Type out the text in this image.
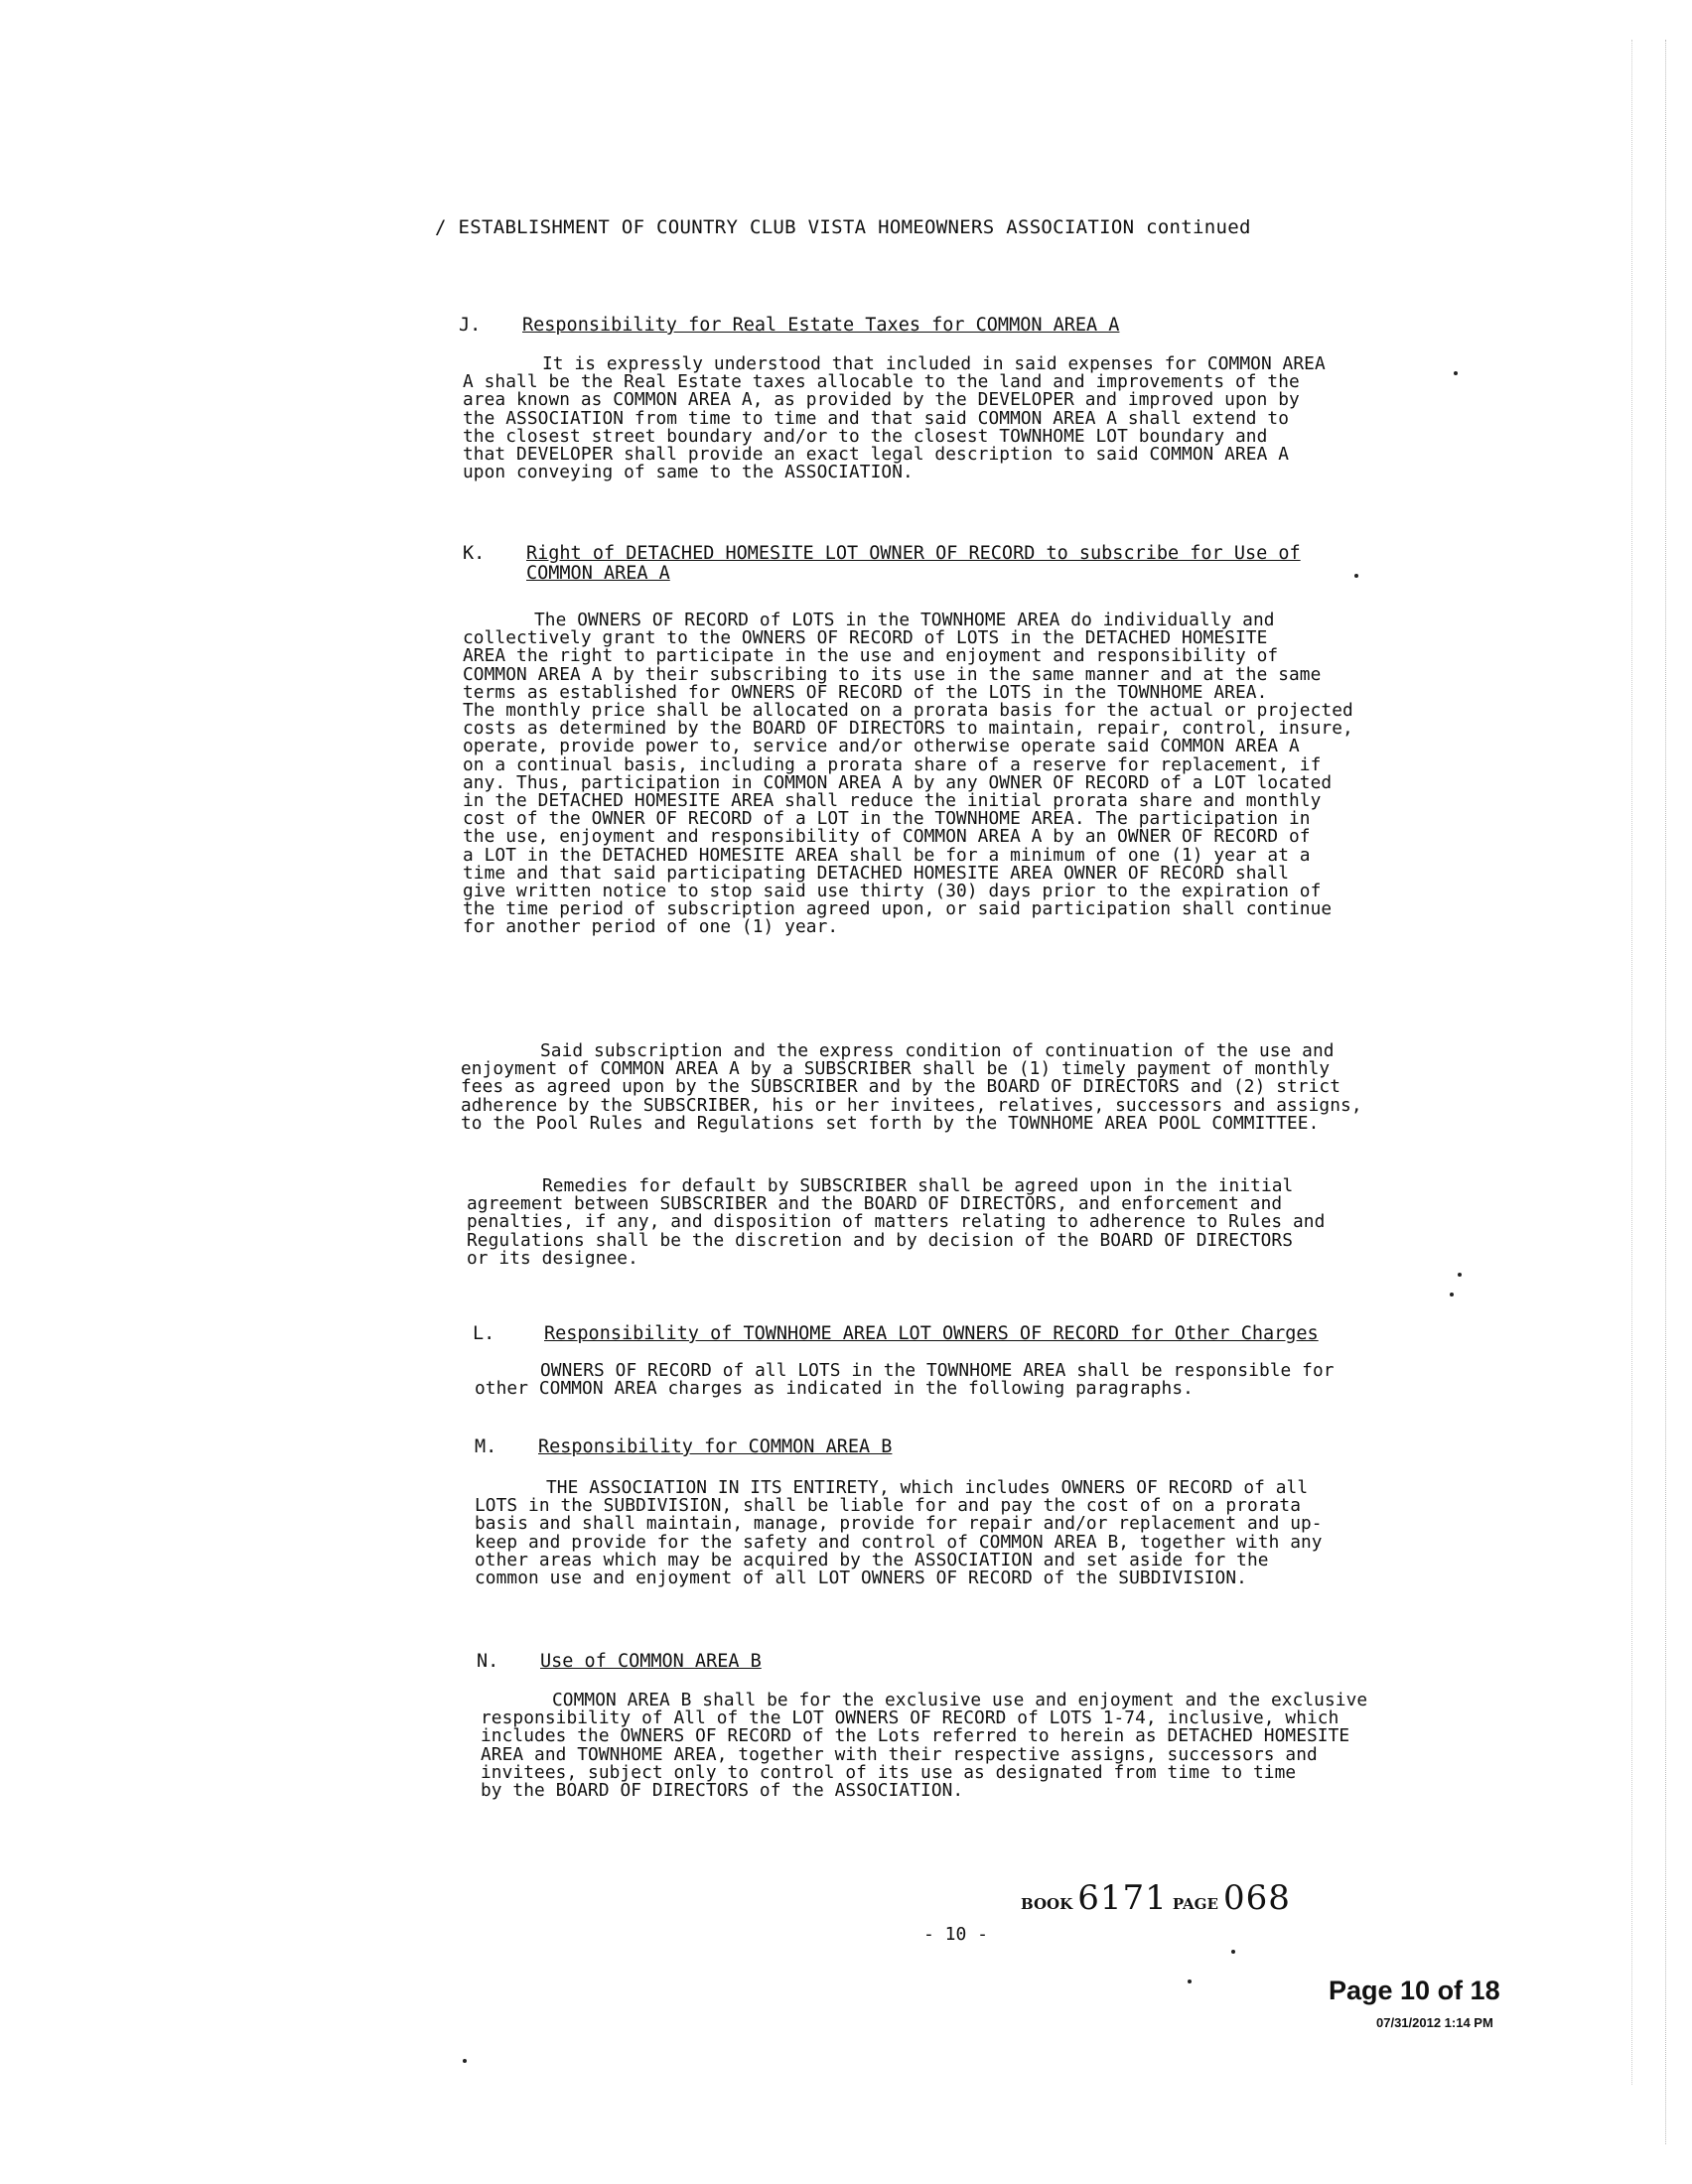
/ ESTABLISHMENT OF COUNTRY CLUB VISTA HOMEOWNERS ASSOCIATION continued
J. Responsibility for Real Estate Taxes for COMMON AREA A
It is expressly understood that included in said expenses for COMMON AREA
A shall be the Real Estate taxes allocable to the land and improvements of the
area known as COMMON AREA A, as provided by the DEVELOPER and improved upon by
the ASSOCIATION from time to time and that said COMMON AREA A shall extend to
the closest street boundary and/or to the closest TOWNHOME LOT boundary and
that DEVELOPER shall provide an exact legal description to said COMMON AREA A
upon conveying of same to the ASSOCIATION.
K. Right of DETACHED HOMESITE LOT OWNER OF RECORD to subscribe for Use of
COMMON AREA A
The OWNERS OF RECORD of LOTS in the TOWNHOME AREA do individually and
collectively grant to the OWNERS OF RECORD of LOTS in the DETACHED HOMESITE
AREA the right to participate in the use and enjoyment and responsibility of
COMMON AREA A by their subscribing to its use in the same manner and at the same
terms as established for OWNERS OF RECORD of the LOTS in the TOWNHOME AREA.
The monthly price shall be allocated on a prorata basis for the actual or projected
costs as determined by the BOARD OF DIRECTORS to maintain, repair, control, insure,
operate, provide power to, service and/or otherwise operate said COMMON AREA A
on a continual basis, including a prorata share of a reserve for replacement, if
any. Thus, participation in COMMON AREA A by any OWNER OF RECORD of a LOT located
in the DETACHED HOMESITE AREA shall reduce the initial prorata share and monthly
cost of the OWNER OF RECORD of a LOT in the TOWNHOME AREA. The participation in
the use, enjoyment and responsibility of COMMON AREA A by an OWNER OF RECORD of
a LOT in the DETACHED HOMESITE AREA shall be for a minimum of one (1) year at a
time and that said participating DETACHED HOMESITE AREA OWNER OF RECORD shall
give written notice to stop said use thirty (30) days prior to the expiration of
the time period of subscription agreed upon, or said participation shall continue
for another period of one (1) year.
Said subscription and the express condition of continuation of the use and
enjoyment of COMMON AREA A by a SUBSCRIBER shall be (1) timely payment of monthly
fees as agreed upon by the SUBSCRIBER and by the BOARD OF DIRECTORS and (2) strict
adherence by the SUBSCRIBER, his or her invitees, relatives, successors and assigns,
to the Pool Rules and Regulations set forth by the TOWNHOME AREA POOL COMMITTEE.
Remedies for default by SUBSCRIBER shall be agreed upon in the initial
agreement between SUBSCRIBER and the BOARD OF DIRECTORS, and enforcement and
penalties, if any, and disposition of matters relating to adherence to Rules and
Regulations shall be the discretion and by decision of the BOARD OF DIRECTORS
or its designee.
L.	Responsibility of TOWNHOME AREA LOT OWNERS OF RECORD for Other Charges
OWNERS OF RECORD of all LOTS in the TOWNHOME AREA shall be responsible for
other COMMON AREA charges as indicated in the following paragraphs.
M. Responsibility for COMMON AREA B
THE ASSOCIATION IN ITS ENTIRETY, which includes OWNERS OF RECORD of all
LOTS in the SUBDIVISION, shall be liable for and pay the cost of on a prorata
basis and shall maintain, manage, provide for repair and/or replacement and up-
keep and provide for the safety and control of COMMON AREA B, together with any
other areas which may be acquired by the ASSOCIATION and set aside for the
common use and enjoyment of all LOT OWNERS OF RECORD of the SUBDIVISION.
N. Use of COMMON AREA B
COMMON AREA B shall be for the exclusive use and enjoyment and the exclusive
responsibility of All of the LOT OWNERS OF RECORD of LOTS 1-74, inclusive, which
includes the OWNERS OF RECORD of the Lots referred to herein as DETACHED HOMESITE
AREA and TOWNHOME AREA, together with their respective assigns, successors and
invitees, subject only to control of its use as designated from time to time
by the BOARD OF DIRECTORS of the ASSOCIATION.
BOOK 6171 PAGE 068
- 10 -
Page 10 of 18
07/31/2012 1:14 PM
